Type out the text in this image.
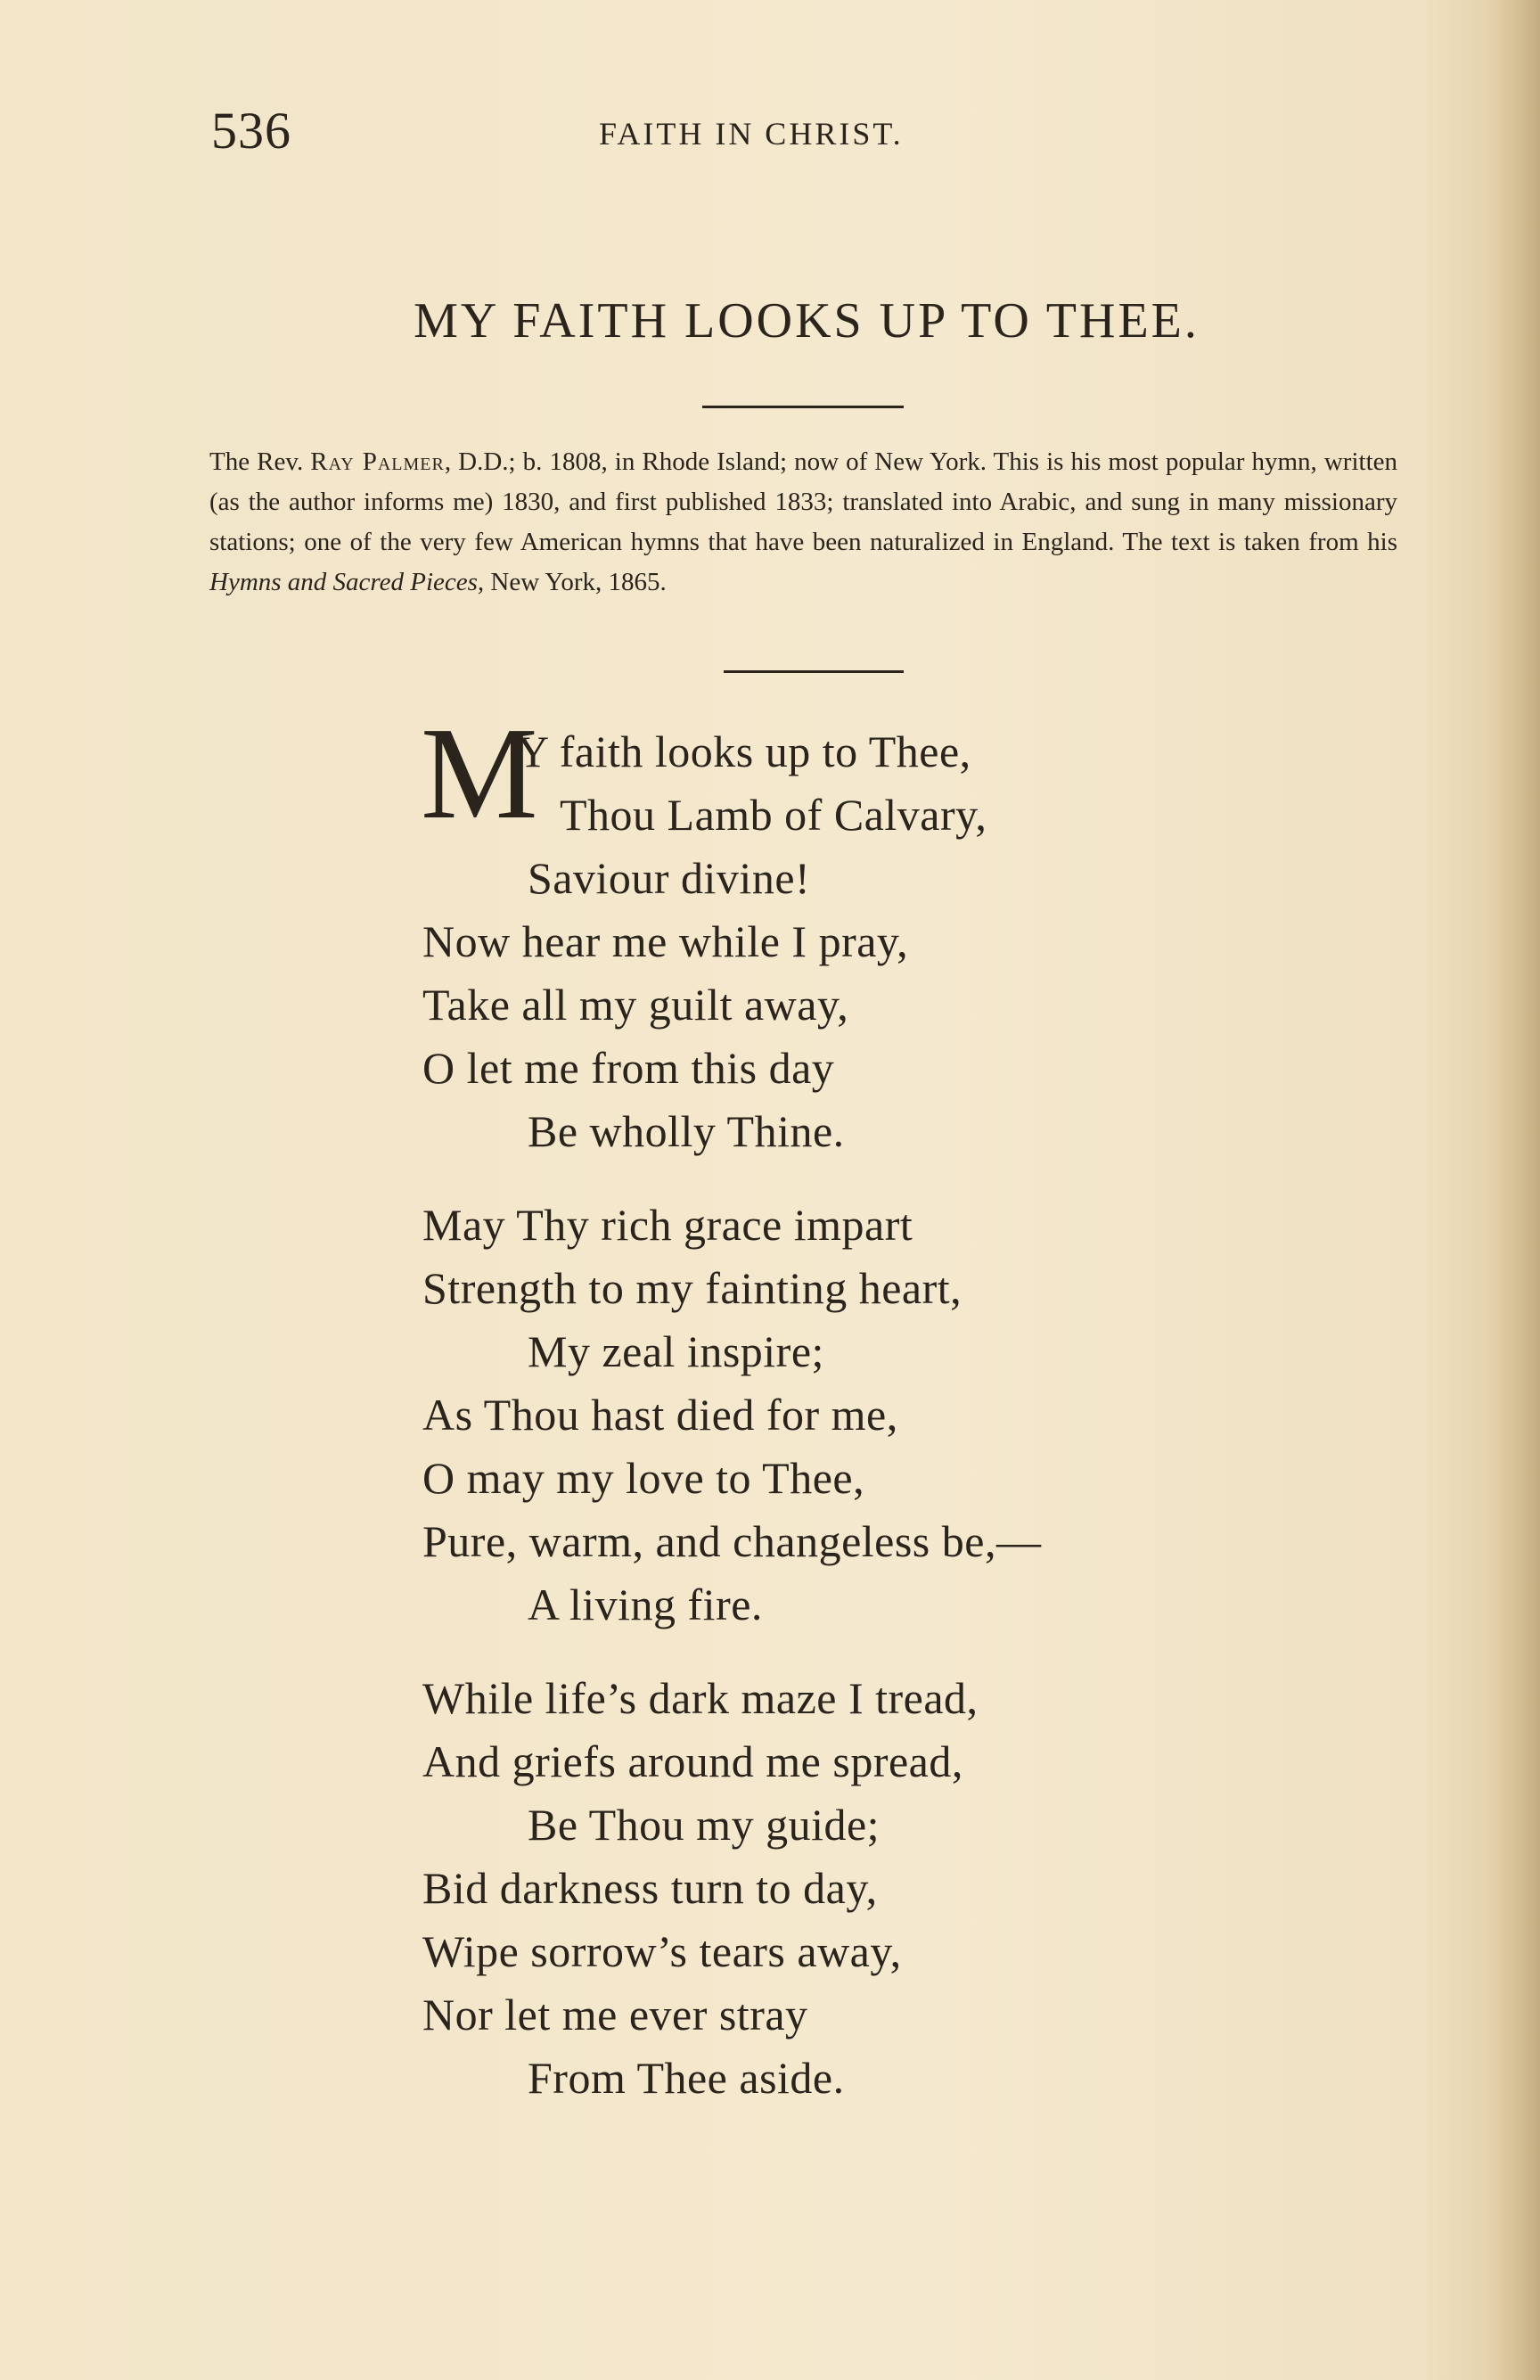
536	FAITH IN CHRIST.
MY FAITH LOOKS UP TO THEE.
The Rev. Ray Palmer, D.D.; b. 1808, in Rhode Island; now of New York. This is his most popular hymn, written (as the author informs me) 1830, and first published 1833; translated into Arabic, and sung in many missionary stations; one of the very few American hymns that have been naturalized in England. The text is taken from his Hymns and Sacred Pieces, New York, 1865.
M
Y faith looks up to Thee,
Thou Lamb of Calvary,
Saviour divine!
Now hear me while I pray,
Take all my guilt away,
O let me from this day
Be wholly Thine.
May Thy rich grace impart
Strength to my fainting heart,
My zeal inspire;
As Thou hast died for me,
O may my love to Thee,
Pure, warm, and changeless be,—
A living fire.
While life’s dark maze I tread,
And griefs around me spread,
Be Thou my guide;
Bid darkness turn to day,
Wipe sorrow’s tears away,
Nor let me ever stray
From Thee aside.
